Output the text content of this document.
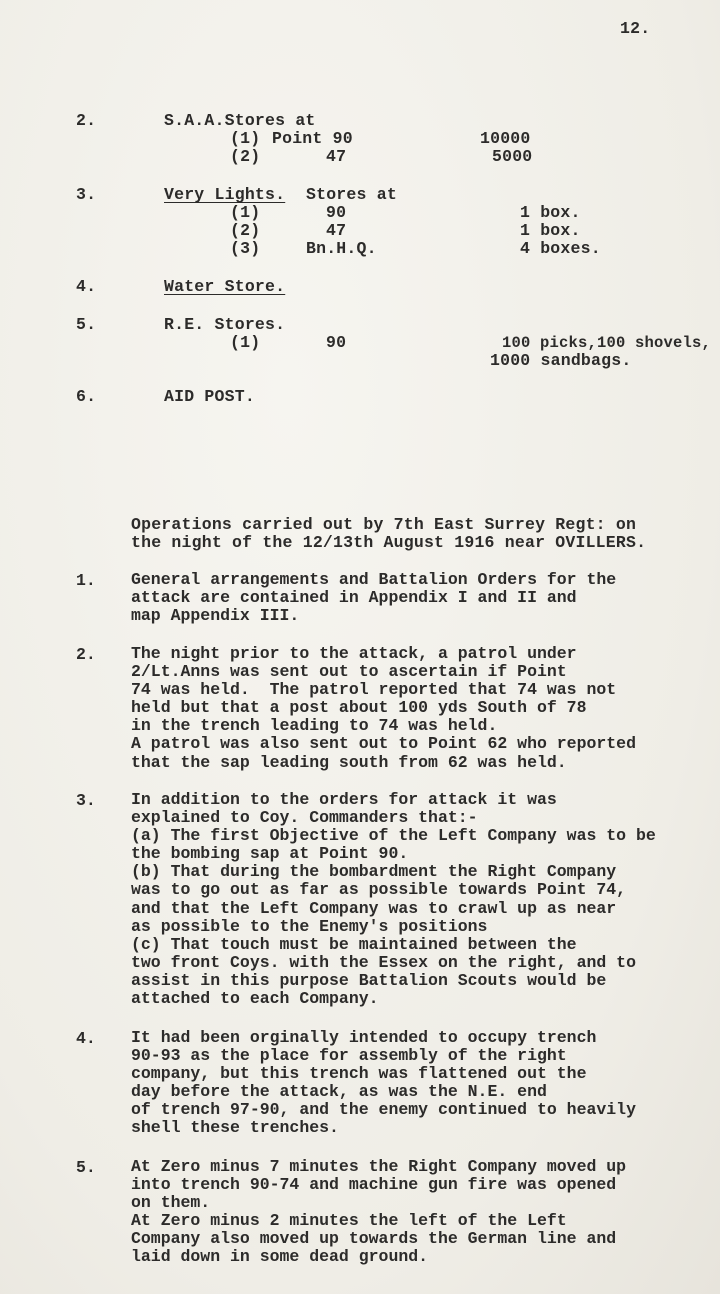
12.
2.	S.A.A.Stores at
(1) Point 90	10000
(2)	47	5000
3.	Very Lights. Stores at
(1)	90	1 box.
(2)	47	1 box.
(3)	Bn.H.Q.	4 boxes.
4.	Water Store.
5.	R.E. Stores.
(1)	90	100 picks,100 shovels,
1000 sandbags.
6.	AID POST.
Operations carried out by 7th East Surrey Regt: on
the night of the 12/13th August 1916 near OVILLERS.
1. General arrangements and Battalion Orders for the
attack are contained in Appendix I and II and
map Appendix III.
2. The night prior to the attack, a patrol under
2/Lt.Anns was sent out to ascertain if Point
74 was held.  The patrol reported that 74 was not
held but that a post about 100 yds South of 78
in the trench leading to 74 was held.
A patrol was also sent out to Point 62 who reported
that the sap leading south from 62 was held.
3. In addition to the orders for attack it was
explained to Coy. Commanders that:-
(a) The first Objective of the Left Company was to be
the bombing sap at Point 90.
(b) That during the bombardment the Right Company
was to go out as far as possible towards Point 74,
and that the Left Company was to crawl up as near
as possible to the Enemy's positions
(c) That touch must be maintained between the
two front Coys. with the Essex on the right, and to
assist in this purpose Battalion Scouts would be
attached to each Company.
4. It had been orginally intended to occupy trench
90-93 as the place for assembly of the right
company, but this trench was flattened out the
day before the attack, as was the N.E. end
of trench 97-90, and the enemy continued to heavily
shell these trenches.
5. At Zero minus 7 minutes the Right Company moved up
into trench 90-74 and machine gun fire was opened
on them.
At Zero minus 2 minutes the left of the Left
Company also moved up towards the German line and
laid down in some dead ground.
